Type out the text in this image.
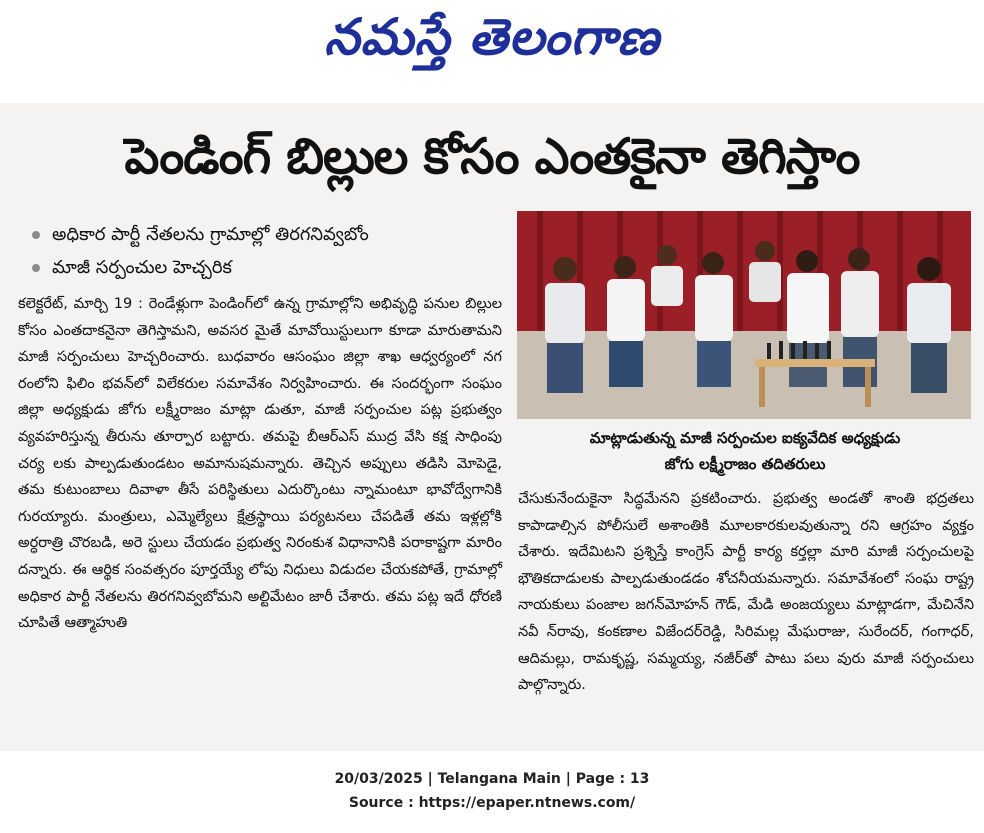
నమస్తే తెలంగాణ
పెండింగ్ బిల్లుల కోసం ఎంతకైనా తెగిస్తాం
అధికార పార్టీ నేతలను గ్రామాల్లో తిరగనివ్వబోం
మాజీ సర్పంచుల హెచ్చరిక

కలెక్టరేట్, మార్చి 19 : రెండేళ్లుగా పెండింగ్‌లో ఉన్న గ్రామాల్లోని అభివృద్ధి పనుల బిల్లుల కోసం ఎంతదాకనైనా తెగిస్తామని, అవసర మైతే మావోయిస్టులుగా కూడా మారుతామని మాజీ సర్పంచులు హెచ్చరించారు. బుధవారం ఆసంఘం జిల్లా శాఖ ఆధ్వర్యంలో నగ రంలోని ఫిలిం భవన్‌లో విలేకరుల సమావేశం నిర్వహించారు. ఈ సందర్భంగా సంఘం జిల్లా అధ్యక్షుడు జోగు లక్ష్మీరాజం మాట్లా డుతూ, మాజీ సర్పంచుల పట్ల ప్రభుత్వం వ్యవహరిస్తున్న తీరును తూర్పార బట్టారు. తమపై బీఆర్‌ఎస్ ముద్ర వేసి కక్ష సాధింపు చర్య లకు పాల్పడుతుండటం అమానుషమన్నారు. తెచ్చిన అప్పులు తడిసి మోపెడై, తమ కుటుంబాలు దివాళా తీసే పరిస్థితులు ఎదుర్కొంటు న్నామంటూ భావోద్వేగానికి గురయ్యారు. మంత్రులు, ఎమ్మెల్యేలు క్షేత్రస్థాయి పర్యటనలు చేపడితే తమ ఇళ్లల్లోకి అర్ధరాత్రి చొరబడి, అరె స్టులు చేయడం ప్రభుత్వ నిరంకుశ విధానానికి పరాకాష్టగా మారిం దన్నారు. ఈ ఆర్థిక సంవత్సరం పూర్తయ్యే లోపు నిధులు విడుదల చేయకపోతే, గ్రామాల్లో అధికార పార్టీ నేతలను తిరగనివ్వబోమని అల్టిమేటం జారీ చేశారు. తమ పట్ల ఇదే ధోరణి చూపితే ఆత్మాహుతి

మాట్లాడుతున్న మాజీ సర్పంచుల ఐక్యవేదిక అధ్యక్షుడు
జోగు లక్ష్మీరాజం తదితరులు

చేసుకునేందుకైనా సిద్ధమేనని ప్రకటించారు. ప్రభుత్వ అండతో శాంతి భద్రతలు కాపాడాల్సిన పోలీసులే అశాంతికి మూలకారకులవుతున్నా రని ఆగ్రహం వ్యక్తం చేశారు. ఇదేమిటని ప్రశ్నిస్తే కాంగ్రెస్ పార్టీ కార్య కర్తల్లా మారి మాజీ సర్పంచులపై భౌతికదాడులకు పాల్పడుతుండడం శోచనీయమన్నారు. సమావేశంలో సంఘ రాష్ట్ర నాయకులు పంజాల జగన్‌మోహన్ గౌడ్, మేడి అంజయ్యలు మాట్లాడగా, మేచినేని నవీ న్‌రావు, కంకణాల విజేందర్‌రెడ్డి, సిరిమల్ల మేఘరాజు, సురేందర్, గంగాధర్, ఆదిమల్లు, రామకృష్ణ, సమ్మయ్య, నజీర్‌తో పాటు పలు వురు మాజీ సర్పంచులు పాల్గొన్నారు.

20/03/2025 | Telangana Main | Page : 13
Source : https://epaper.ntnews.com/
